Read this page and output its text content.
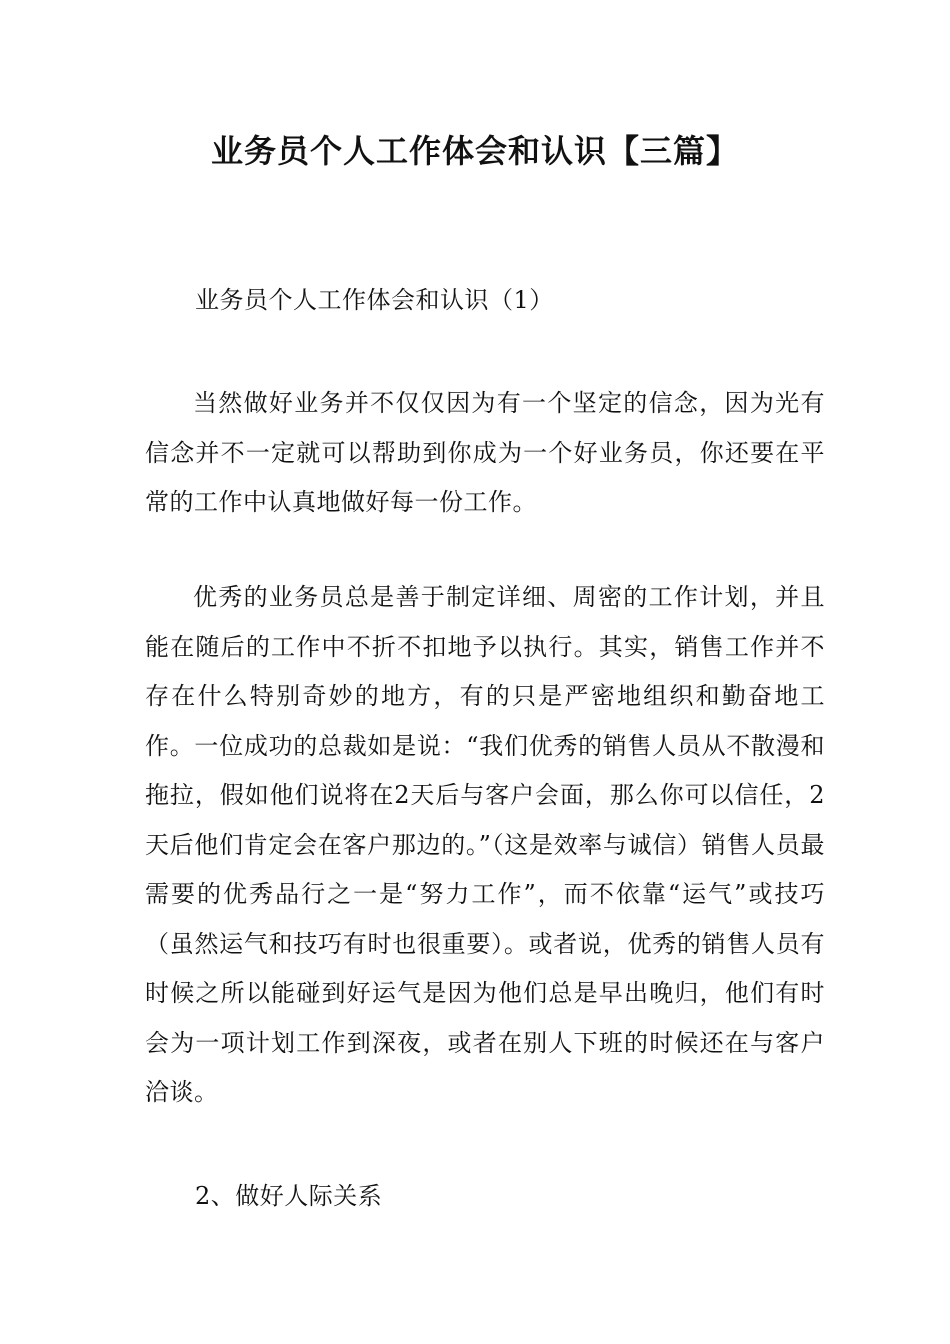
业务员个人工作体会和认识【三篇】

业务员个人工作体会和认识（1）

当然做好业务并不仅仅因为有一个坚定的信念，因为光有信念并不一定就可以帮助到你成为一个好业务员，你还要在平常的工作中认真地做好每一份工作。

优秀的业务员总是善于制定详细、周密的工作计划，并且能在随后的工作中不折不扣地予以执行。其实，销售工作并不存在什么特别奇妙的地方，有的只是严密地组织和勤奋地工作。一位成功的总裁如是说：“我们优秀的销售人员从不散漫和拖拉，假如他们说将在2天后与客户会面，那么你可以信任，2天后他们肯定会在客户那边的。”（这是效率与诚信）销售人员最需要的优秀品行之一是“努力工作”，而不依靠“运气”或技巧（虽然运气和技巧有时也很重要）。或者说，优秀的销售人员有时候之所以能碰到好运气是因为他们总是早出晚归，他们有时会为一项计划工作到深夜，或者在别人下班的时候还在与客户洽谈。

2、做好人际关系
